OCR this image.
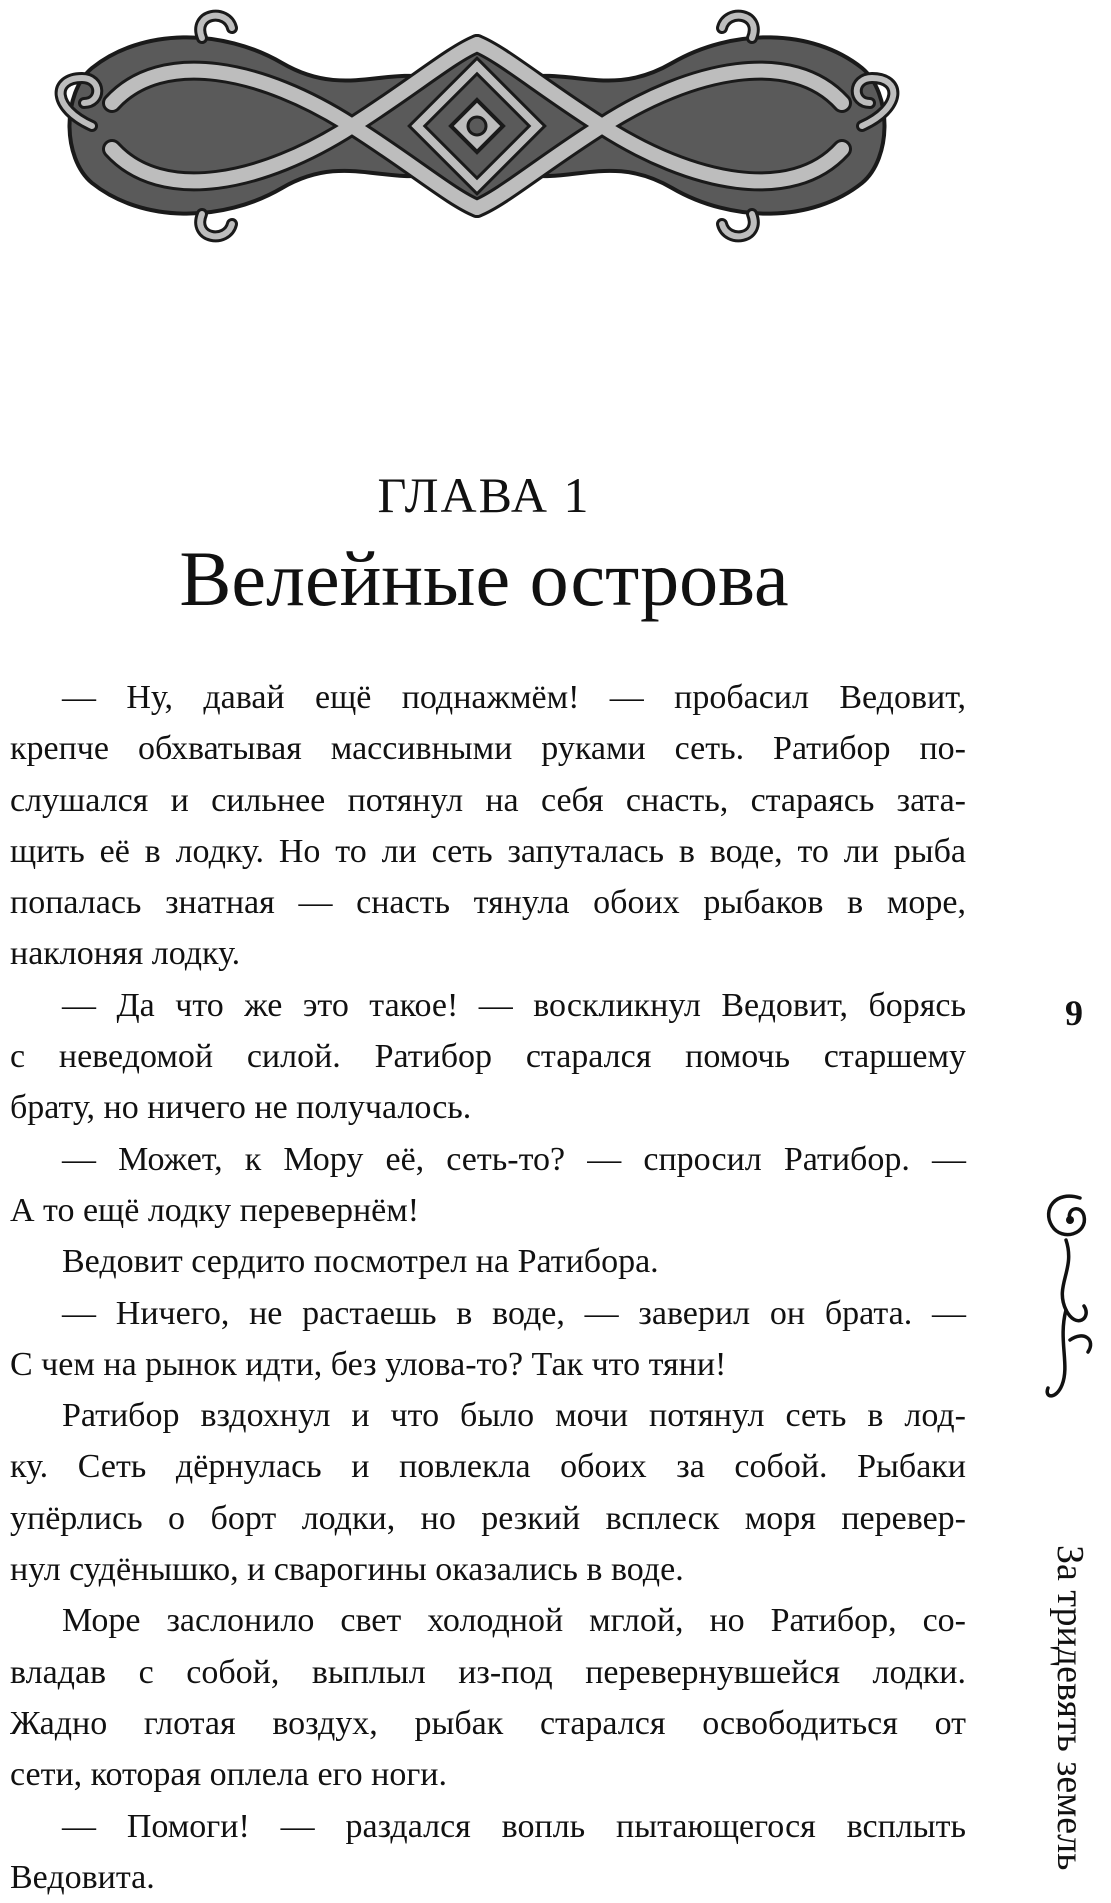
ГЛАВА 1
Велейные острова
— Ну, давай ещё поднажмём! — пробасил Ведовит,
крепче обхватывая массивными руками сеть. Ратибор по-
слушался и сильнее потянул на себя снасть, стараясь зата-
щить её в лодку. Но то ли сеть запуталась в воде, то ли рыба
попалась знатная — снасть тянула обоих рыбаков в море,
наклоняя лодку.
— Да что же это такое! — воскликнул Ведовит, борясь
с неведомой силой. Ратибор старался помочь старшему
брату, но ничего не получалось.
— Может, к Мору её, сеть-то? — спросил Ратибор. —
А то ещё лодку перевернём!
Ведовит сердито посмотрел на Ратибора.
— Ничего, не растаешь в воде, — заверил он брата. —
С чем на рынок идти, без улова-то? Так что тяни!
Ратибор вздохнул и что было мочи потянул сеть в лод-
ку. Сеть дёрнулась и повлекла обоих за собой. Рыбаки
упёрлись о борт лодки, но резкий всплеск моря перевер-
нул судёнышко, и сварогины оказались в воде.
Море заслонило свет холодной мглой, но Ратибор, со-
владав с собой, выплыл из-под перевернувшейся лодки.
Жадно глотая воздух, рыбак старался освободиться от
сети, которая оплела его ноги.
— Помоги! — раздался вопль пытающегося всплыть
Ведовита.
9
За тридевять земель
